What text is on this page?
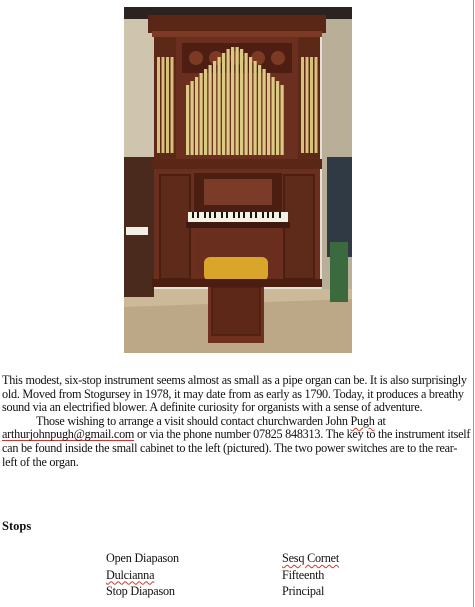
This modest, six-stop instrument seems almost as small as a pipe organ can be. It is also surprisingly old. Moved from Stogursey in 1978, it may date from as early as 1790. Today, it produces a breathy sound via an electrified blower. A definite curiosity for organists with a sense of adventure.

Those wishing to arrange a visit should contact churchwarden John Pugh at arthurjohnpugh@gmail.com or via the phone number 07825 848313. The key to the instrument itself can be found inside the small cabinet to the left (pictured). The two power switches are to the rear-left of the organ.

Stops
Open Diapason
Dulcianna
Stop Diapason
Sesq Cornet
Fifteenth
Principal
